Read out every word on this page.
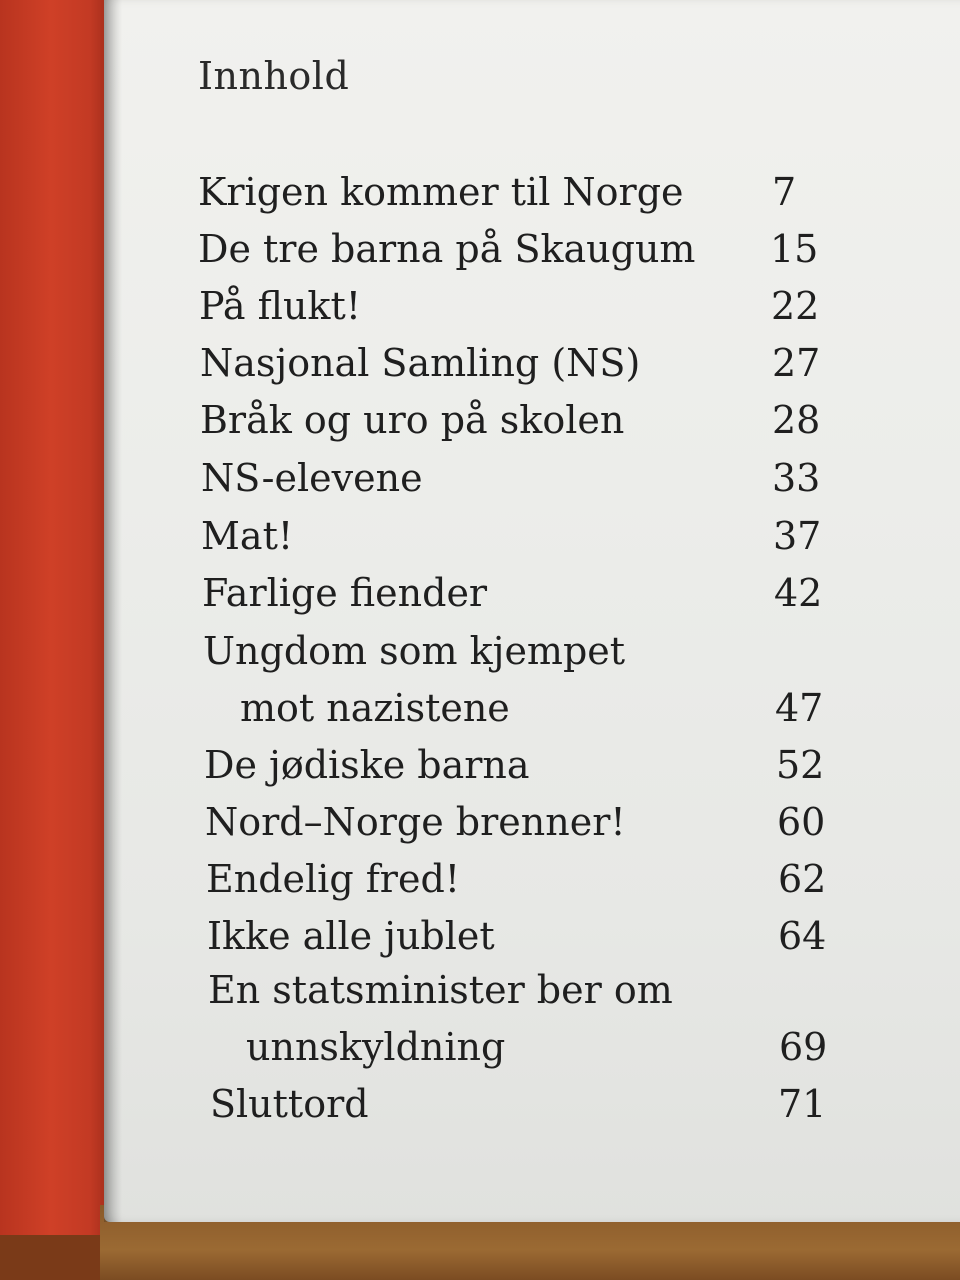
Innhold
Krigen kommer til Norge 7
De tre barna på Skaugum 15
På flukt!	22
Nasjonal Samling (NS)	27
Bråk og uro på skolen	28
NS-elevene	33
Mat!	37
Farlige fiender	42
Ungdom som kjempet
mot nazistene	47
De jødiske barna	52
Nord–Norge brenner!	60
Endelig fred!	62
Ikke alle jublet	64
En statsminister ber om
unnskyldning	69
Sluttord	71
